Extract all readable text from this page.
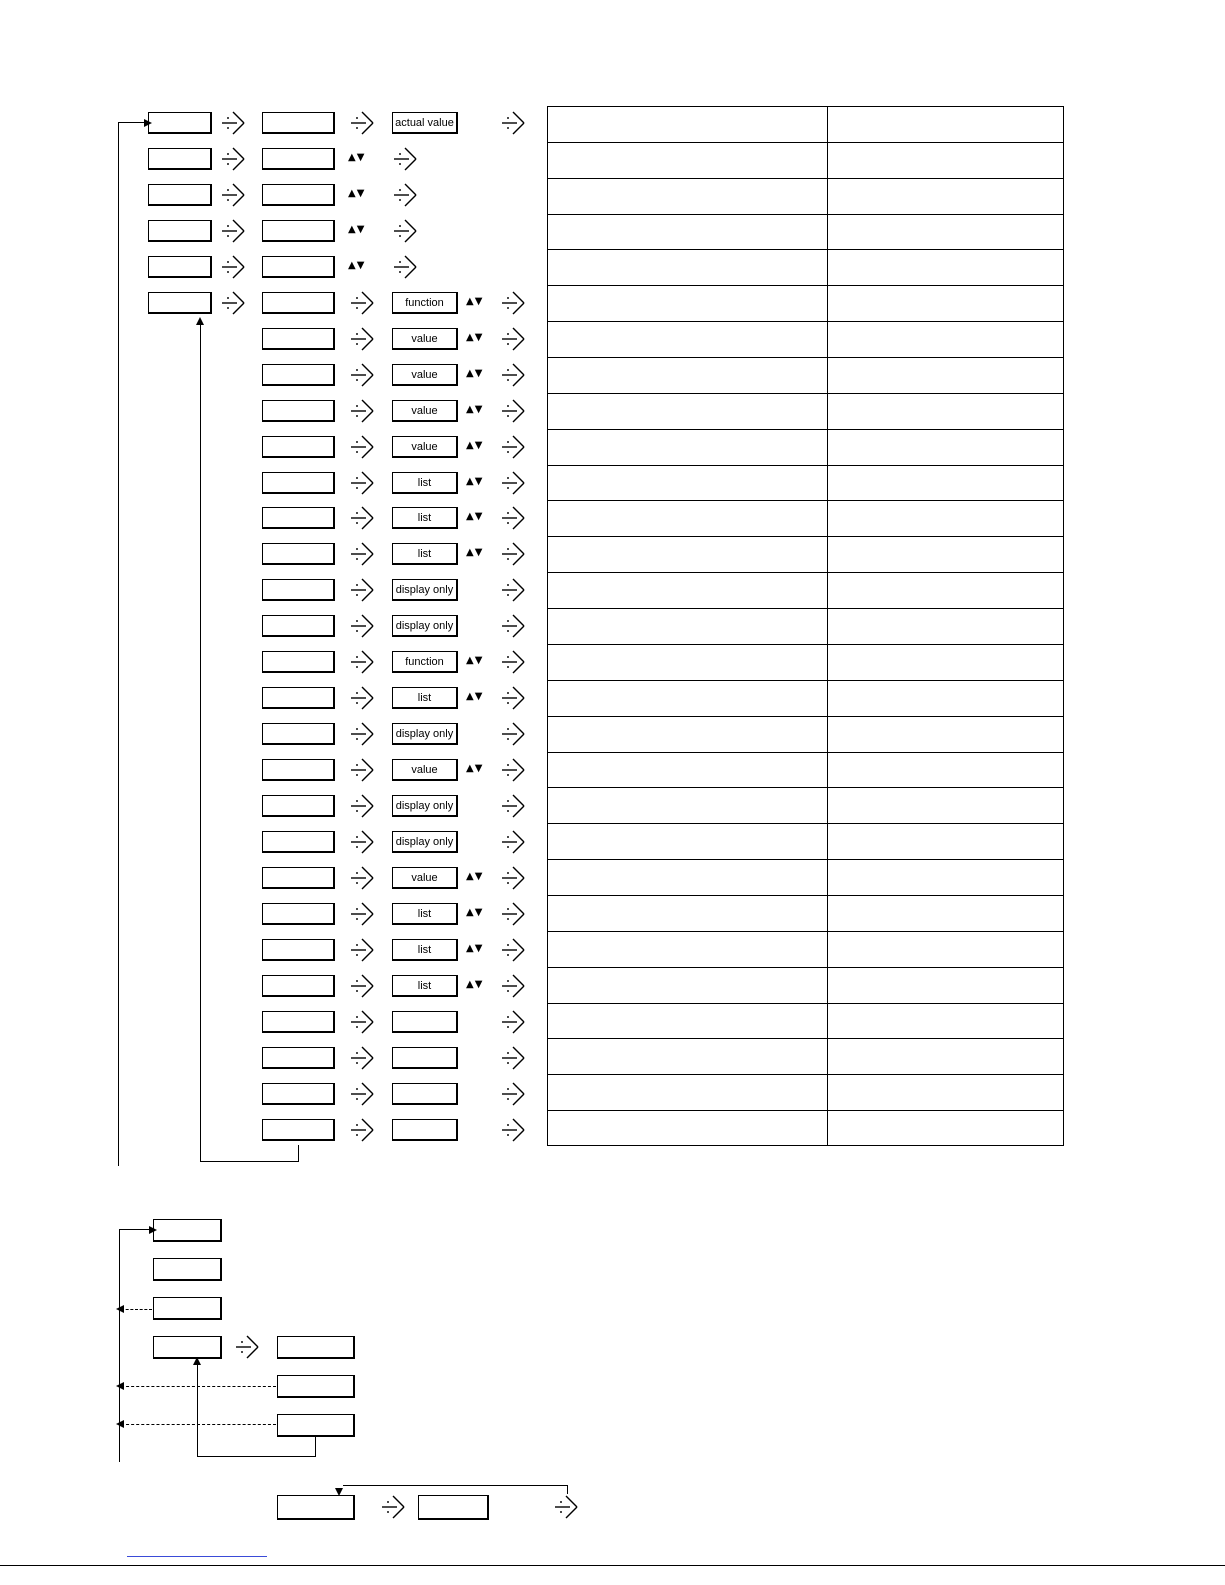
actual value
▲▼
▲▼
▲▼
▲▼
function	▲▼
value	▲▼
value	▲▼
value	▲▼
value	▲▼
list	▲▼
list	▲▼
list	▲▼
display only
display only
function	▲▼
list	▲▼
display only
value	▲▼
display only
display only
value	▲▼
list	▲▼
list	▲▼
list	▲▼
